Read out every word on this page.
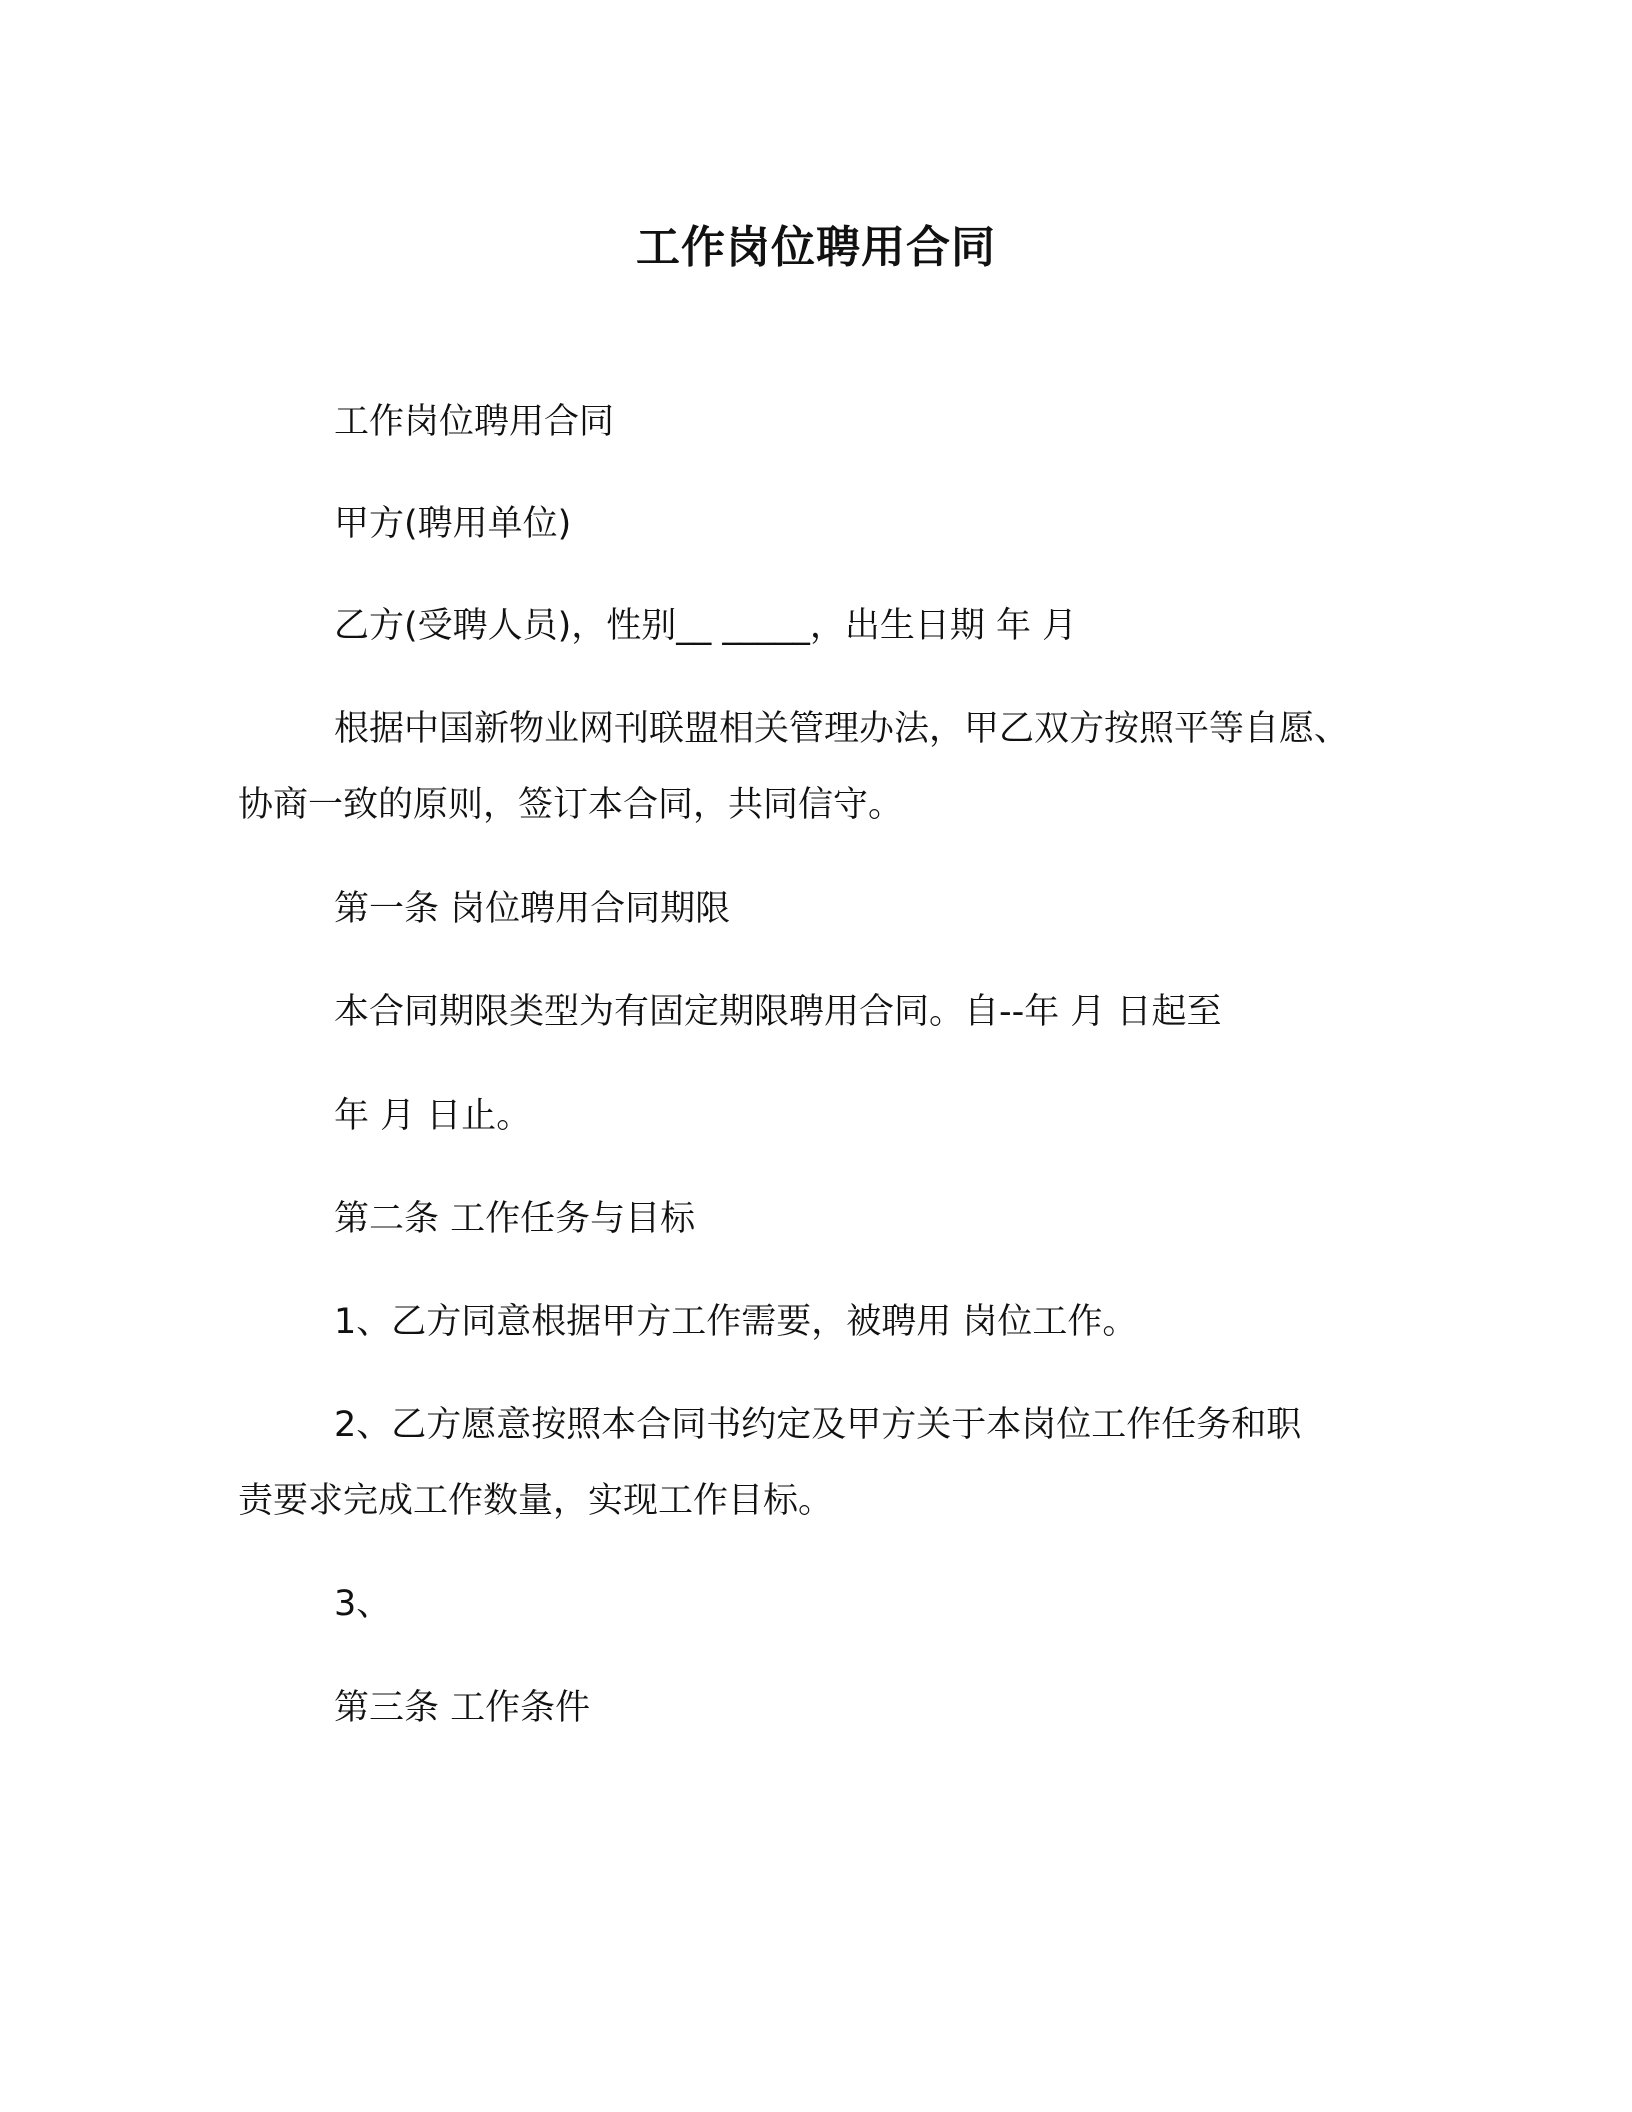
工作岗位聘用合同
工作岗位聘用合同
甲方(聘用单位)
乙方(受聘人员)，性别__ _____，出生日期 年 月
根据中国新物业网刊联盟相关管理办法，甲乙双方按照平等自愿、
协商一致的原则，签订本合同，共同信守。
第一条 岗位聘用合同期限
本合同期限类型为有固定期限聘用合同。自--年 月 日起至
年 月 日止。
第二条 工作任务与目标
1、乙方同意根据甲方工作需要，被聘用 岗位工作。
2、乙方愿意按照本合同书约定及甲方关于本岗位工作任务和职
责要求完成工作数量，实现工作目标。
3、
第三条 工作条件
